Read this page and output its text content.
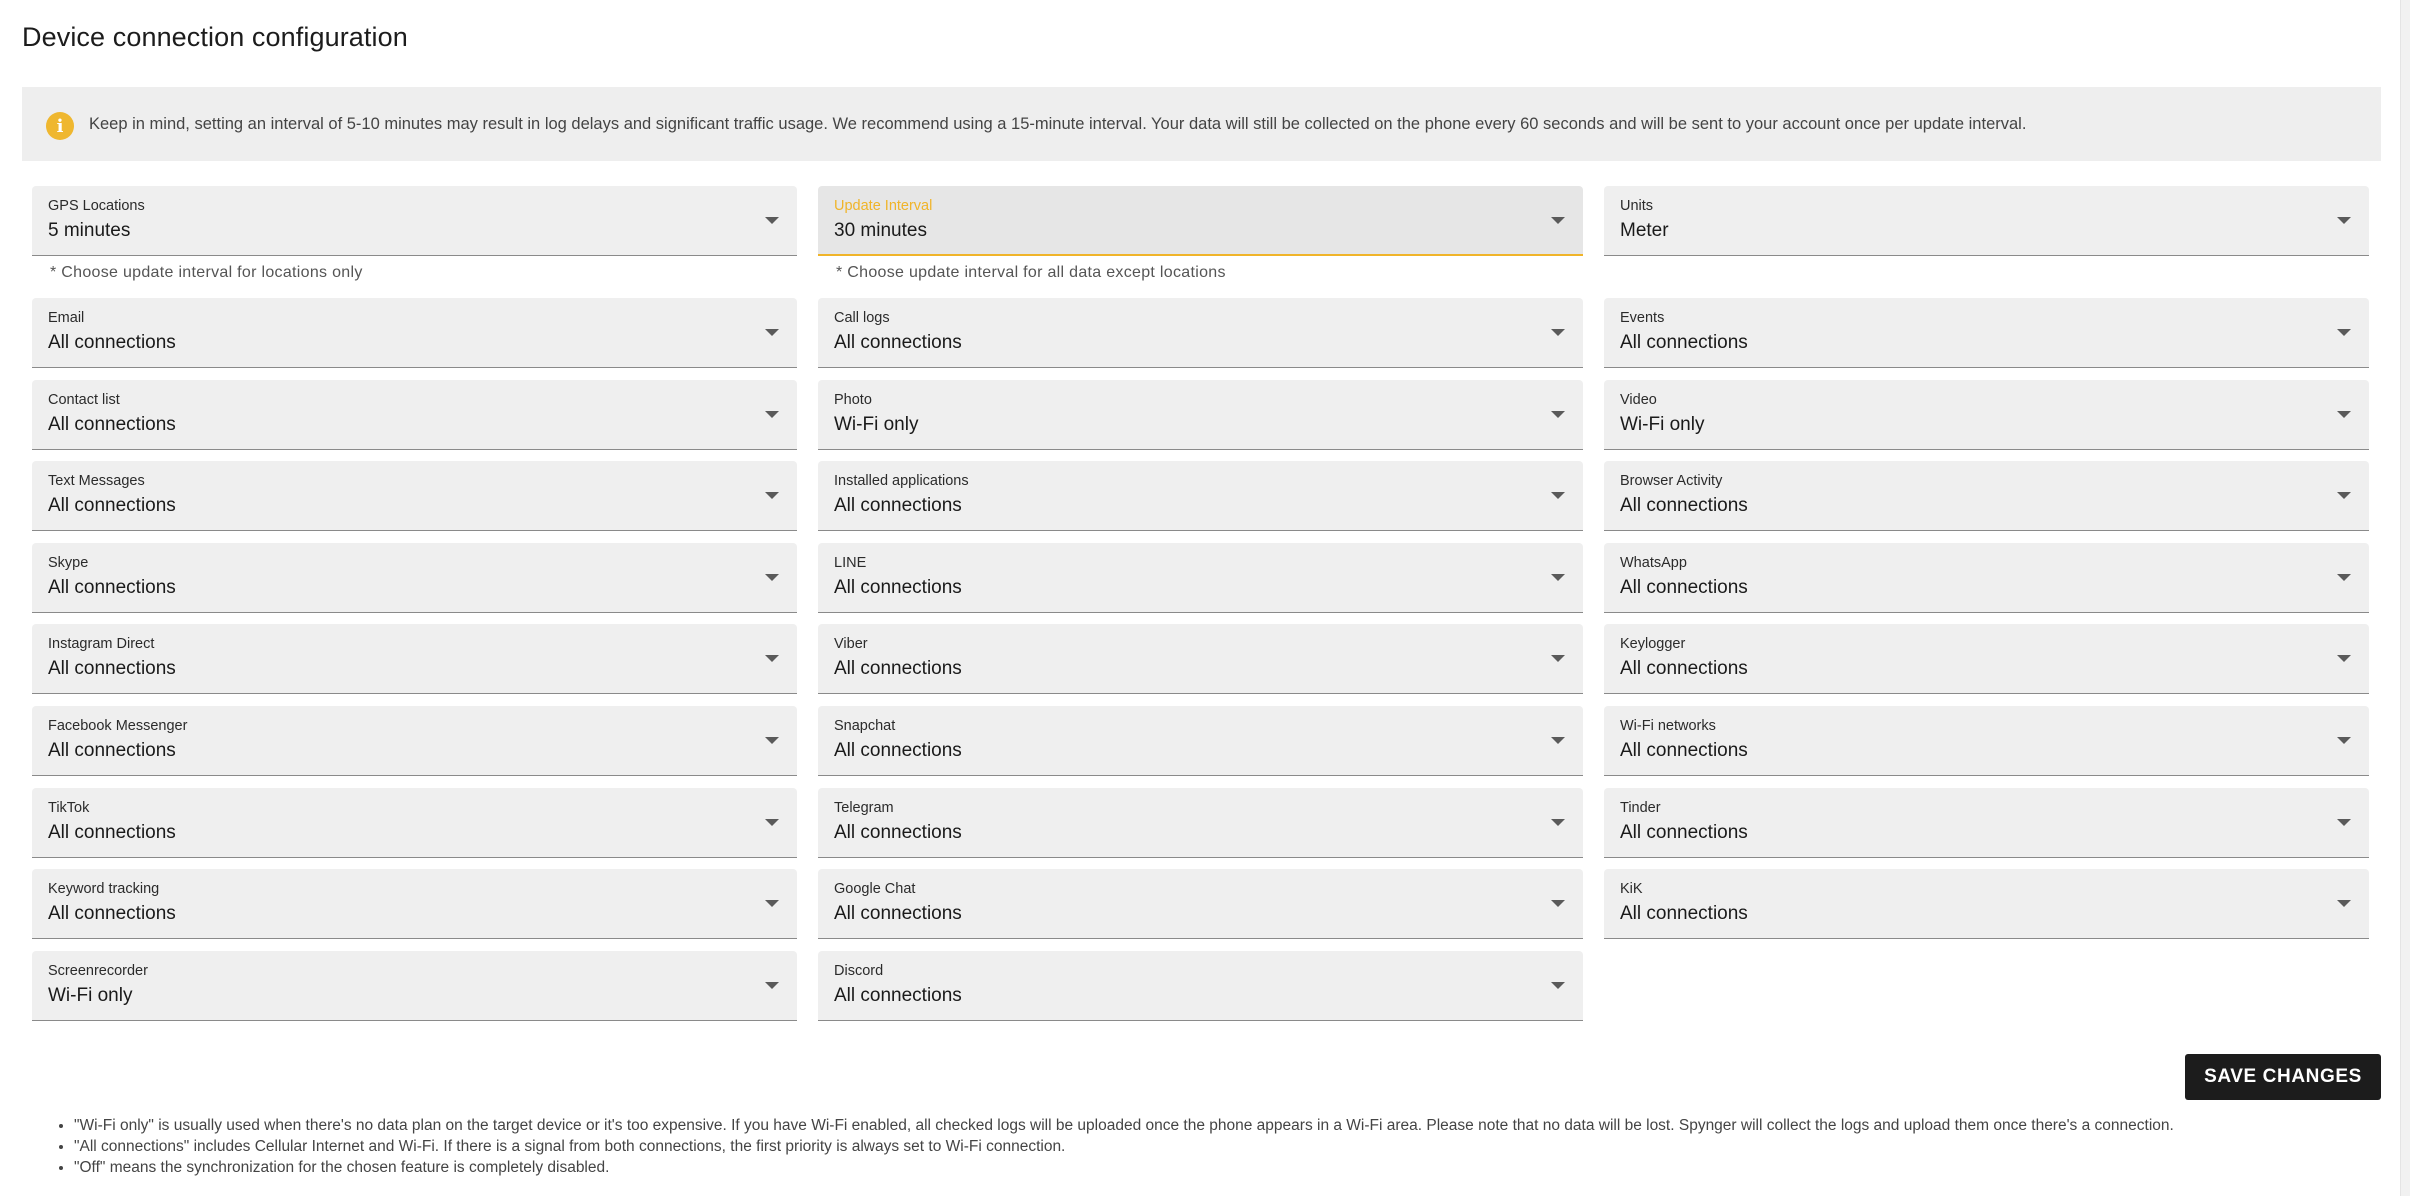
Device connection configuration
i	Keep in mind, setting an interval of 5-10 minutes may result in log delays and significant traffic usage. We recommend using a 15-minute interval. Your data will still be collected on the phone every 60 seconds and will be sent to your account once per update interval.
GPS Locations
5 minutes
* Choose update interval for locations only
Update Interval
30 minutes
* Choose update interval for all data except locations
Units
Meter
Email
All connections
Call logs
All connections
Events
All connections
Contact list
All connections
Photo
Wi-Fi only
Video
Wi-Fi only
Text Messages
All connections
Installed applications
All connections
Browser Activity
All connections
Skype
All connections
LINE
All connections
WhatsApp
All connections
Instagram Direct
All connections
Viber
All connections
Keylogger
All connections
Facebook Messenger
All connections
Snapchat
All connections
Wi-Fi networks
All connections
TikTok
All connections
Telegram
All connections
Tinder
All connections
Keyword tracking
All connections
Google Chat
All connections
KiK
All connections
Screenrecorder
Wi-Fi only
Discord
All connections
SAVE CHANGES
• "Wi-Fi only" is usually used when there's no data plan on the target device or it's too expensive. If you have Wi-Fi enabled, all checked logs will be uploaded once the phone appears in a Wi-Fi area. Please note that no data will be lost. Spynger will collect the logs and upload them once there's a connection.
• "All connections" includes Cellular Internet and Wi-Fi. If there is a signal from both connections, the first priority is always set to Wi-Fi connection.
• "Off" means the synchronization for the chosen feature is completely disabled.
